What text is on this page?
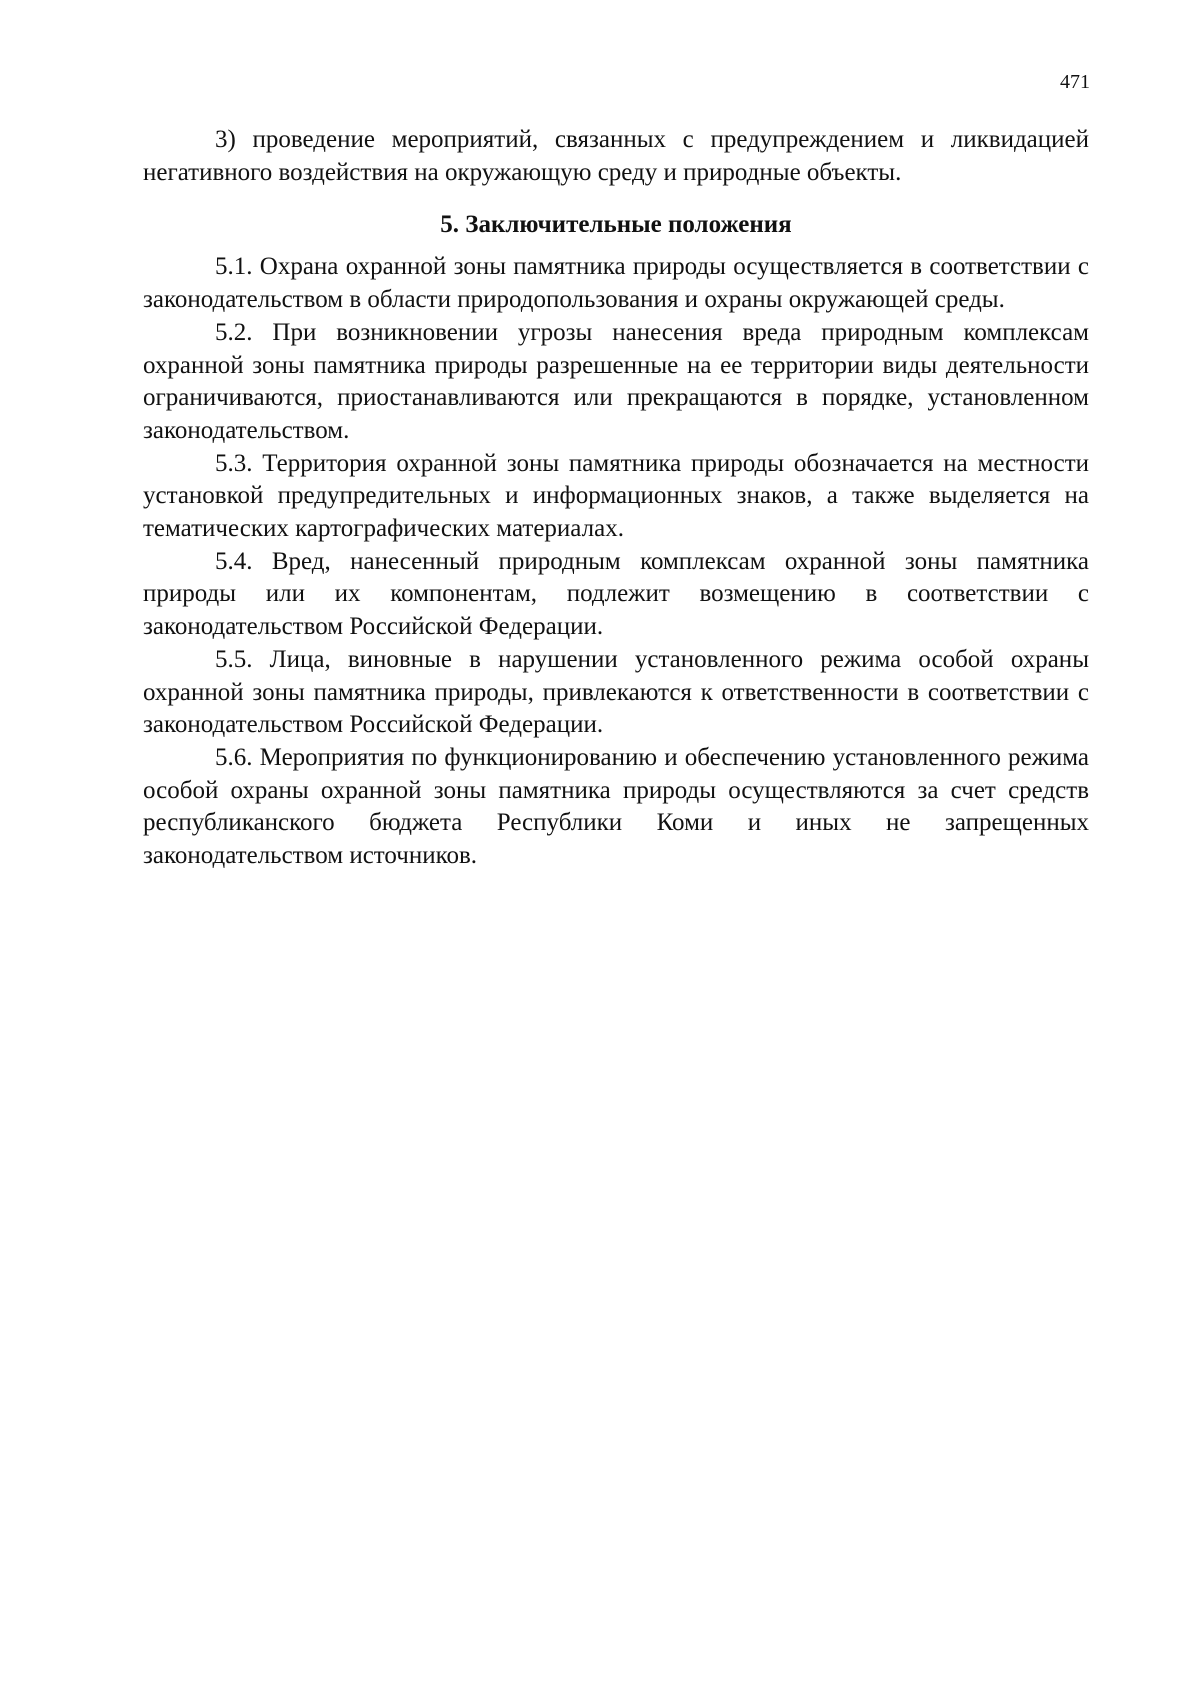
471

3) проведение мероприятий, связанных с предупреждением и ликвидацией негативного воздействия на окружающую среду и природные объекты.

5. Заключительные положения

5.1. Охрана охранной зоны памятника природы осуществляется в соответствии с законодательством в области природопользования и охраны окружающей среды.

5.2. При возникновении угрозы нанесения вреда природным комплексам охранной зоны памятника природы разрешенные на ее территории виды деятельности ограничиваются, приостанавливаются или прекращаются в порядке, установленном законодательством.

5.3. Территория охранной зоны памятника природы обозначается на местности установкой предупредительных и информационных знаков, а также выделяется на тематических картографических материалах.

5.4. Вред, нанесенный природным комплексам охранной зоны памятника природы или их компонентам, подлежит возмещению в соответствии с законодательством Российской Федерации.

5.5. Лица, виновные в нарушении установленного режима особой охраны охранной зоны памятника природы, привлекаются к ответственности в соответствии с законодательством Российской Федерации.

5.6. Мероприятия по функционированию и обеспечению установленного режима особой охраны охранной зоны памятника природы осуществляются за счет средств республиканского бюджета Республики Коми и иных не запрещенных законодательством источников.
